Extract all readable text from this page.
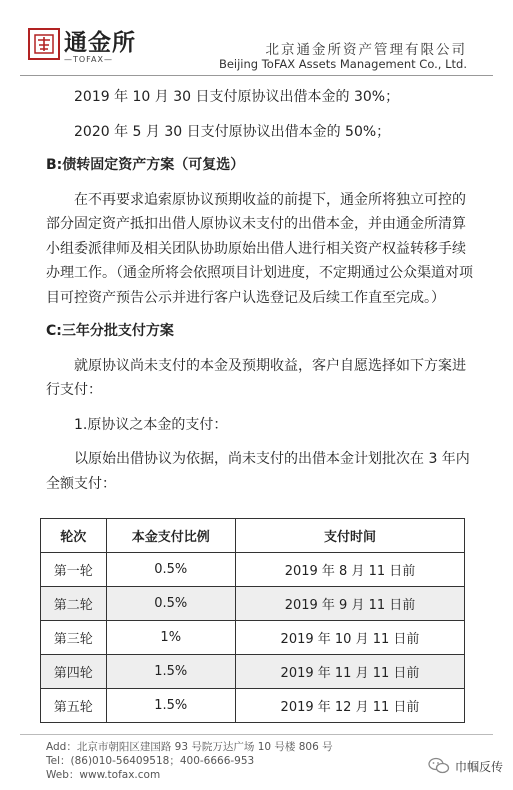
通金所
—TOFAX—
北京通金所资产管理有限公司
Beijing ToFAX Assets Management Co., Ltd.

2019 年 10 月 30 日支付原协议出借本金的 30%；

2020 年 5 月 30 日支付原协议出借本金的 50%；

B:债转固定资产方案（可复选）

在不再要求追索原协议预期收益的前提下，通金所将独立可控的部分固定资产抵扣出借人原协议未支付的出借本金，并由通金所清算小组委派律师及相关团队协助原始出借人进行相关资产权益转移手续办理工作。（通金所将会依照项目计划进度，不定期通过公众渠道对项目可控资产预告公示并进行客户认选登记及后续工作直至完成。）

C:三年分批支付方案

就原协议尚未支付的本金及预期收益，客户自愿选择如下方案进行支付：

1.原协议之本金的支付：

以原始出借协议为依据，尚未支付的出借本金计划批次在 3 年内全额支付：

轮次	本金支付比例	支付时间
第一轮	0.5%	2019 年 8 月 11 日前
第二轮	0.5%	2019 年 9 月 11 日前
第三轮	1%	2019 年 10 月 11 日前
第四轮	1.5%	2019 年 11 月 11 日前
第五轮	1.5%	2019 年 12 月 11 日前

Add：北京市朝阳区建国路 93 号院万达广场 10 号楼 806 号

Tel：(86)010-56409518；400-6666-953

Web：www.tofax.com

巾帼反传
